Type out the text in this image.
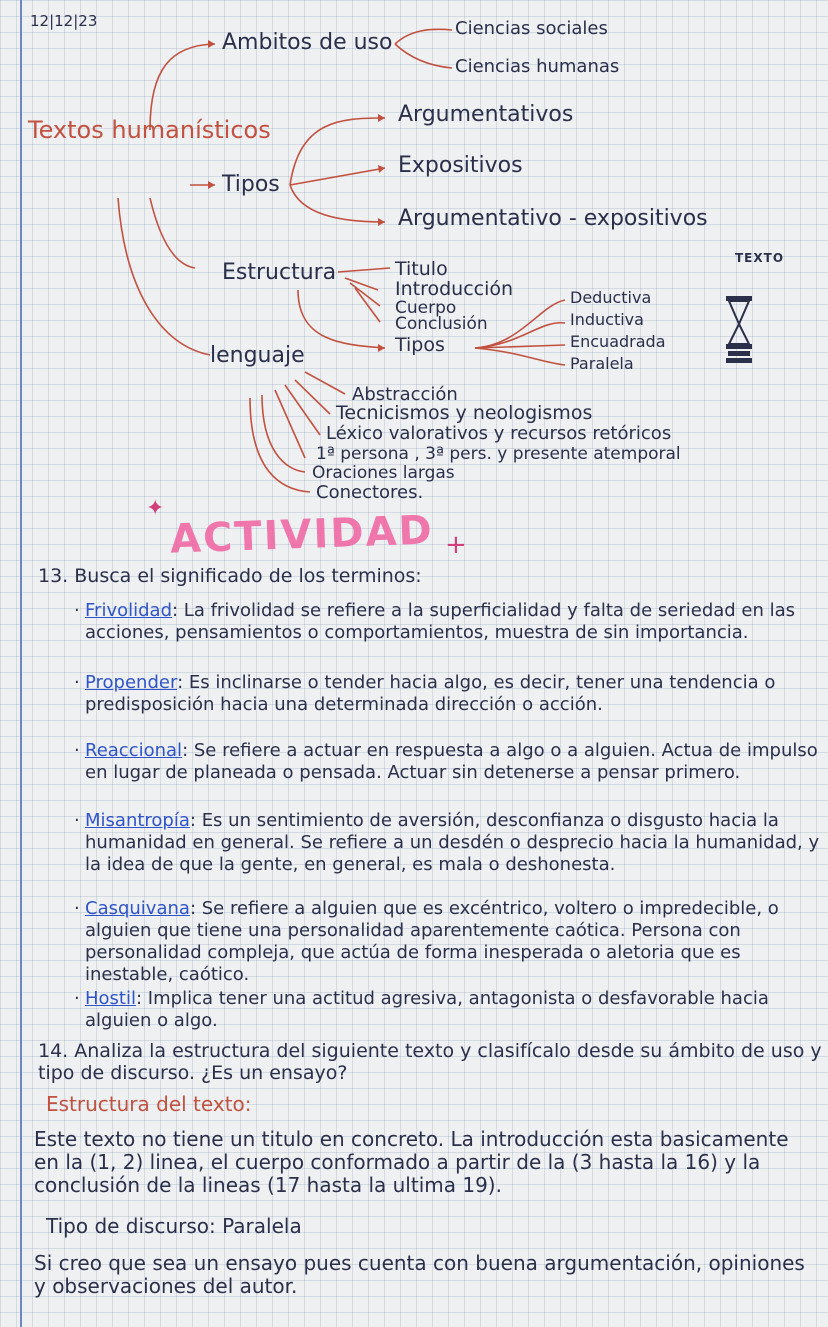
12|12|23
Textos humanísticos
Ambitos de uso
Ciencias sociales
Ciencias humanas
Tipos
Argumentativos
Expositivos
Argumentativo - expositivos
Estructura	Titulo
Introducción
Cuerpo
Conclusión
Tipos
Deductiva
Inductiva
Encuadrada
Paralela
TEXTO
lenguaje
Abstracción
Tecnicismos y neologismos
Léxico valorativos y recursos retóricos
1ª persona , 3ª pers. y presente atemporal
Oraciones largas
Conectores.
✦ ACTIVIDAD +
13. Busca el significado de los terminos:
· Frivolidad: La frivolidad se refiere a la superficialidad y falta de seriedad en las acciones, pensamientos o comportamientos, muestra de sin importancia.
· Propender: Es inclinarse o tender hacia algo, es decir, tener una tendencia o predisposición hacia una determinada dirección o acción.
· Reaccional: Se refiere a actuar en respuesta a algo o a alguien. Actua de impulso en lugar de planeada o pensada. Actuar sin detenerse a pensar primero.
· Misantropía: Es un sentimiento de aversión, desconfianza o disgusto hacia la humanidad en general. Se refiere a un desdén o desprecio hacia la humanidad, y la idea de que la gente, en general, es mala o deshonesta.
· Casquivana: Se refiere a alguien que es excéntrico, voltero o impredecible, o alguien que tiene una personalidad aparentemente caótica. Persona con personalidad compleja, que actúa de forma inesperada o aletoria que es inestable, caótico.
· Hostil: Implica tener una actitud agresiva, antagonista o desfavorable hacia alguien o algo.
14. Analiza la estructura del siguiente texto y clasifícalo desde su ámbito de uso y tipo de discurso. ¿Es un ensayo?
Estructura del texto:
Este texto no tiene un titulo en concreto. La introducción esta basicamente en la (1, 2) linea, el cuerpo conformado a partir de la (3 hasta la 16) y la conclusión de la lineas (17 hasta la ultima 19).
Tipo de discurso: Paralela
Si creo que sea un ensayo pues cuenta con buena argumentación, opiniones y observaciones del autor.
